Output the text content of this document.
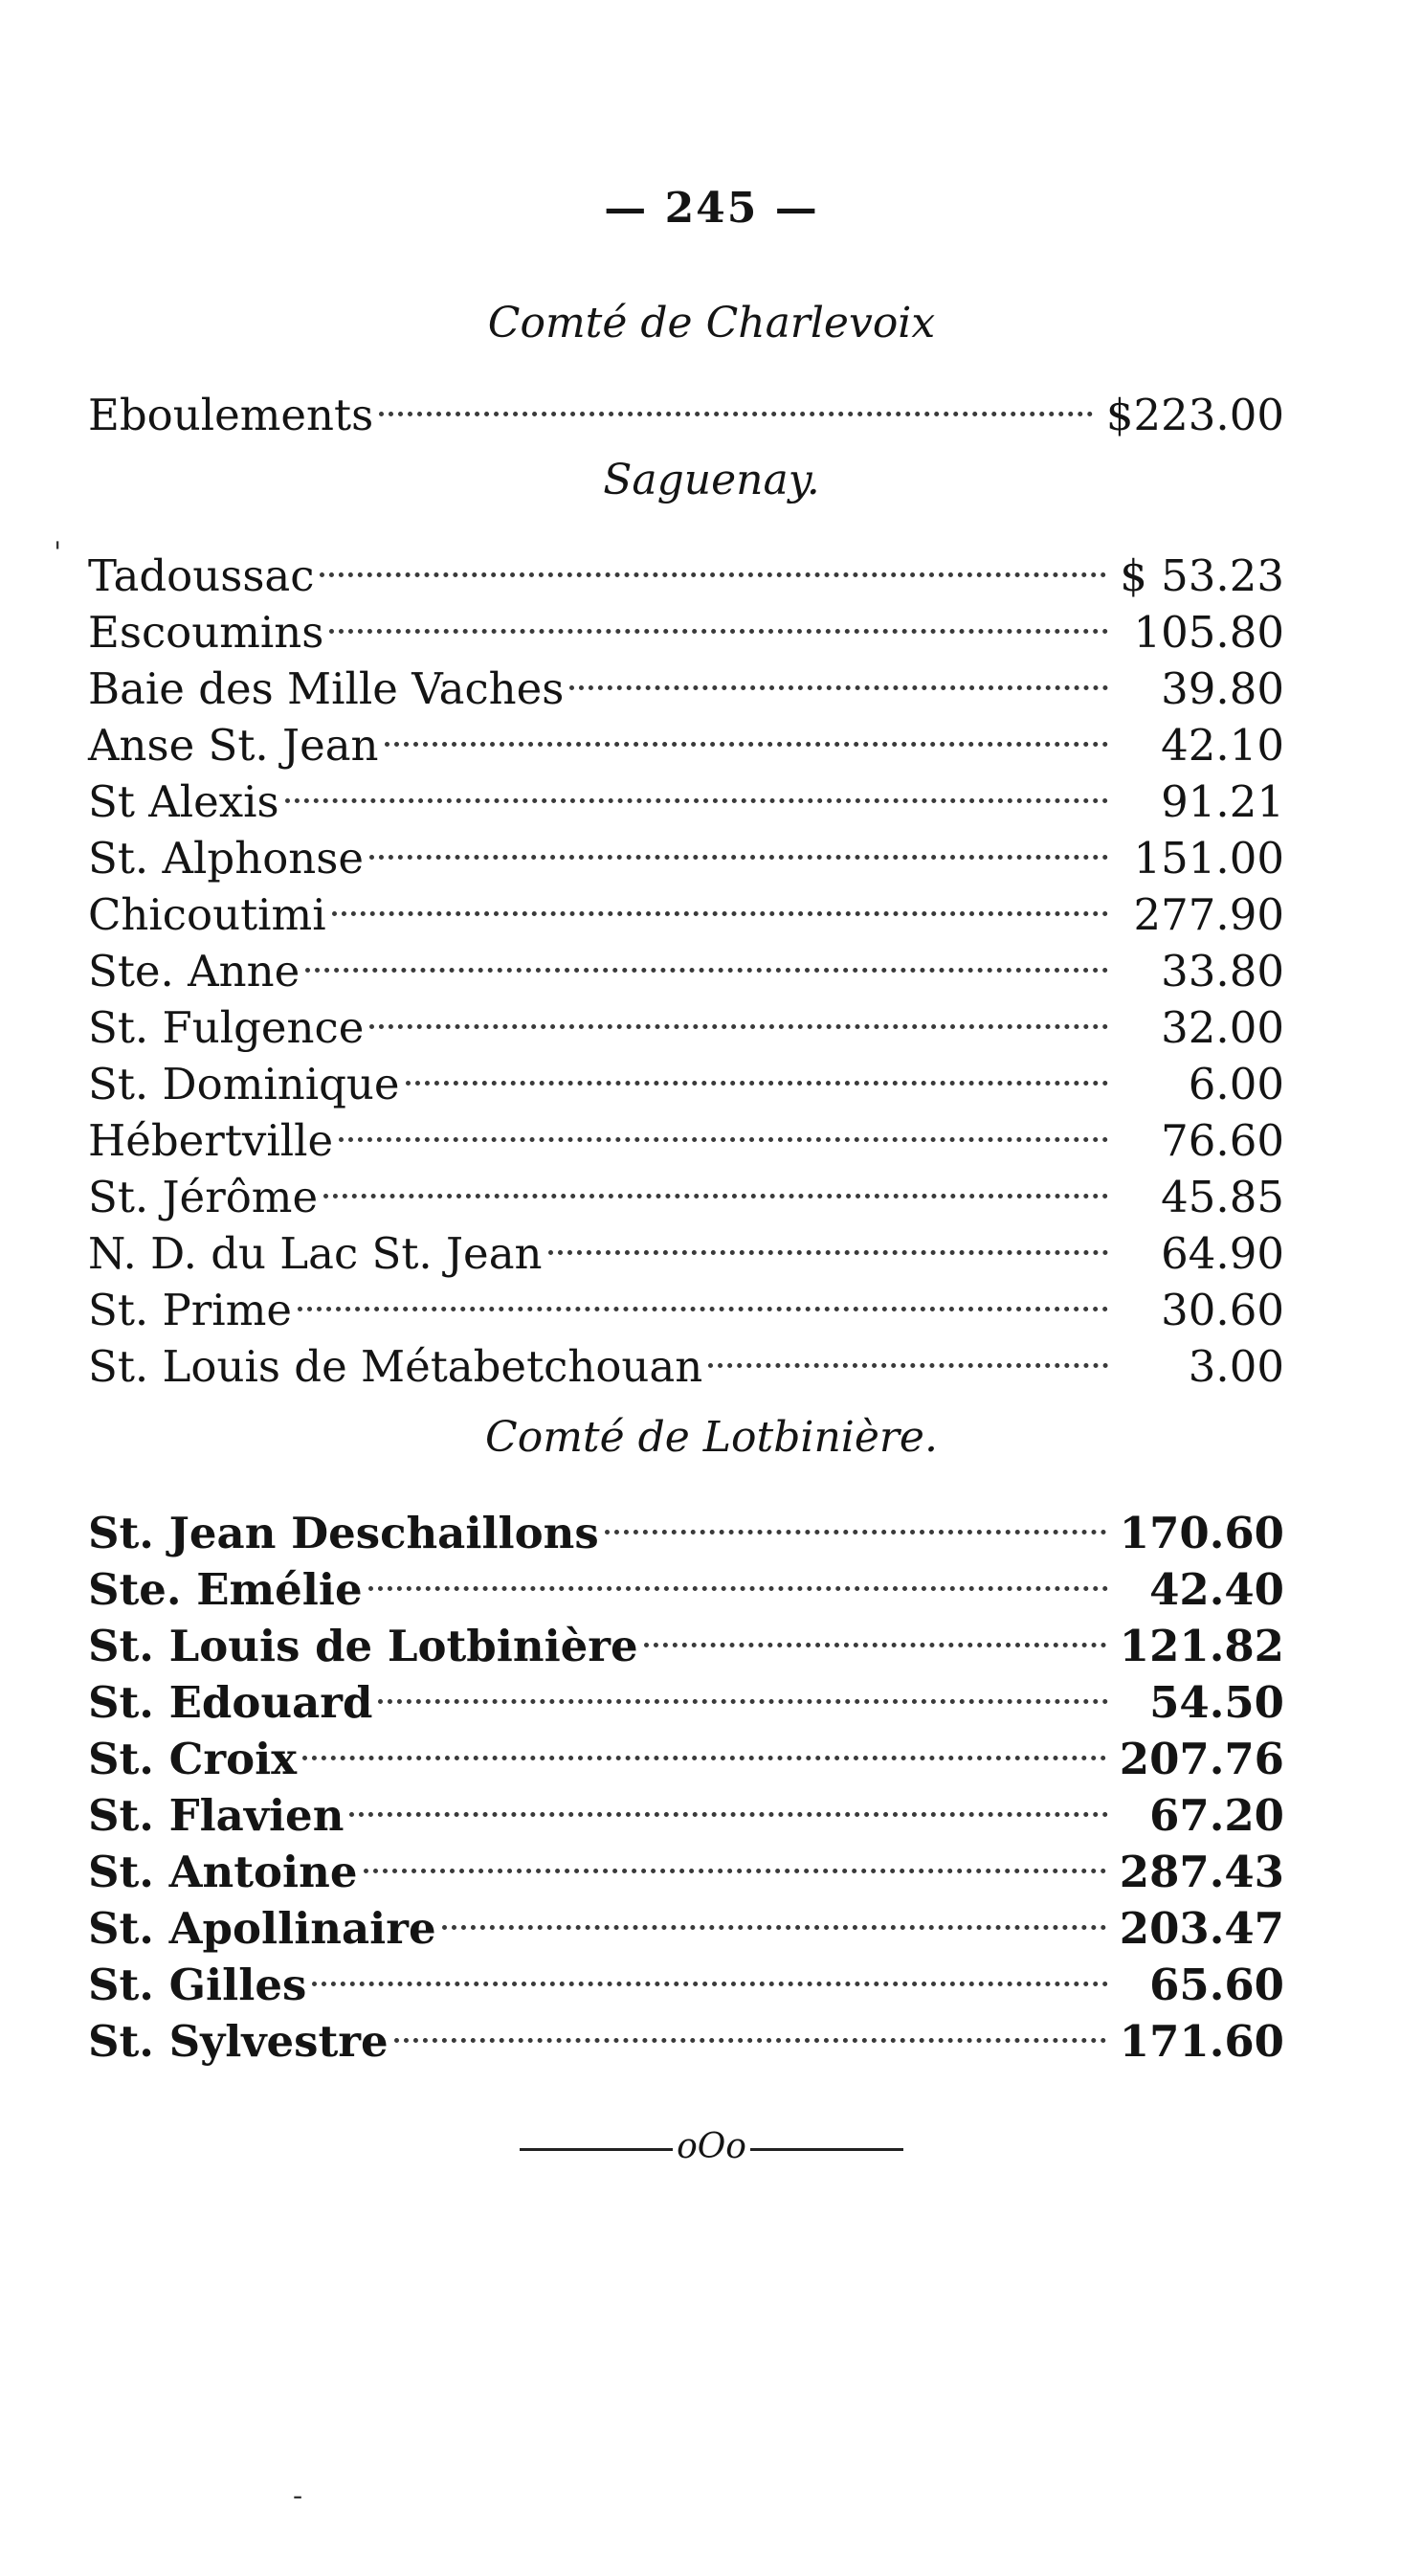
— 245 —
Comté de Charlevoix
Eboulements	$223.00
Saguenay.
' Tadoussac	$ 53.23
Escoumins	105.80
Baie des Mille Vaches	39.80
Anse St. Jean	42.10
St Alexis	91.21
St. Alphonse	151.00
Chicoutimi	277.90
Ste. Anne	33.80
St. Fulgence	32.00
St. Dominique	6.00
Hébertville	76.60
St. Jérôme	45.85
N. D. du Lac St. Jean	64.90
St. Prime	30.60
St. Louis de Métabetchouan	3.00
Comté de Lotbinière.
St. Jean Deschaillons	170.60
Ste. Emélie	42.40
St. Louis de Lotbinière	121.82
St. Edouard	54.50
St. Croix	207.76
St. Flavien	67.20
St. Antoine	287.43
St. Apollinaire	203.47
St. Gilles	65.60
St. Sylvestre	171.60
oOo
-
